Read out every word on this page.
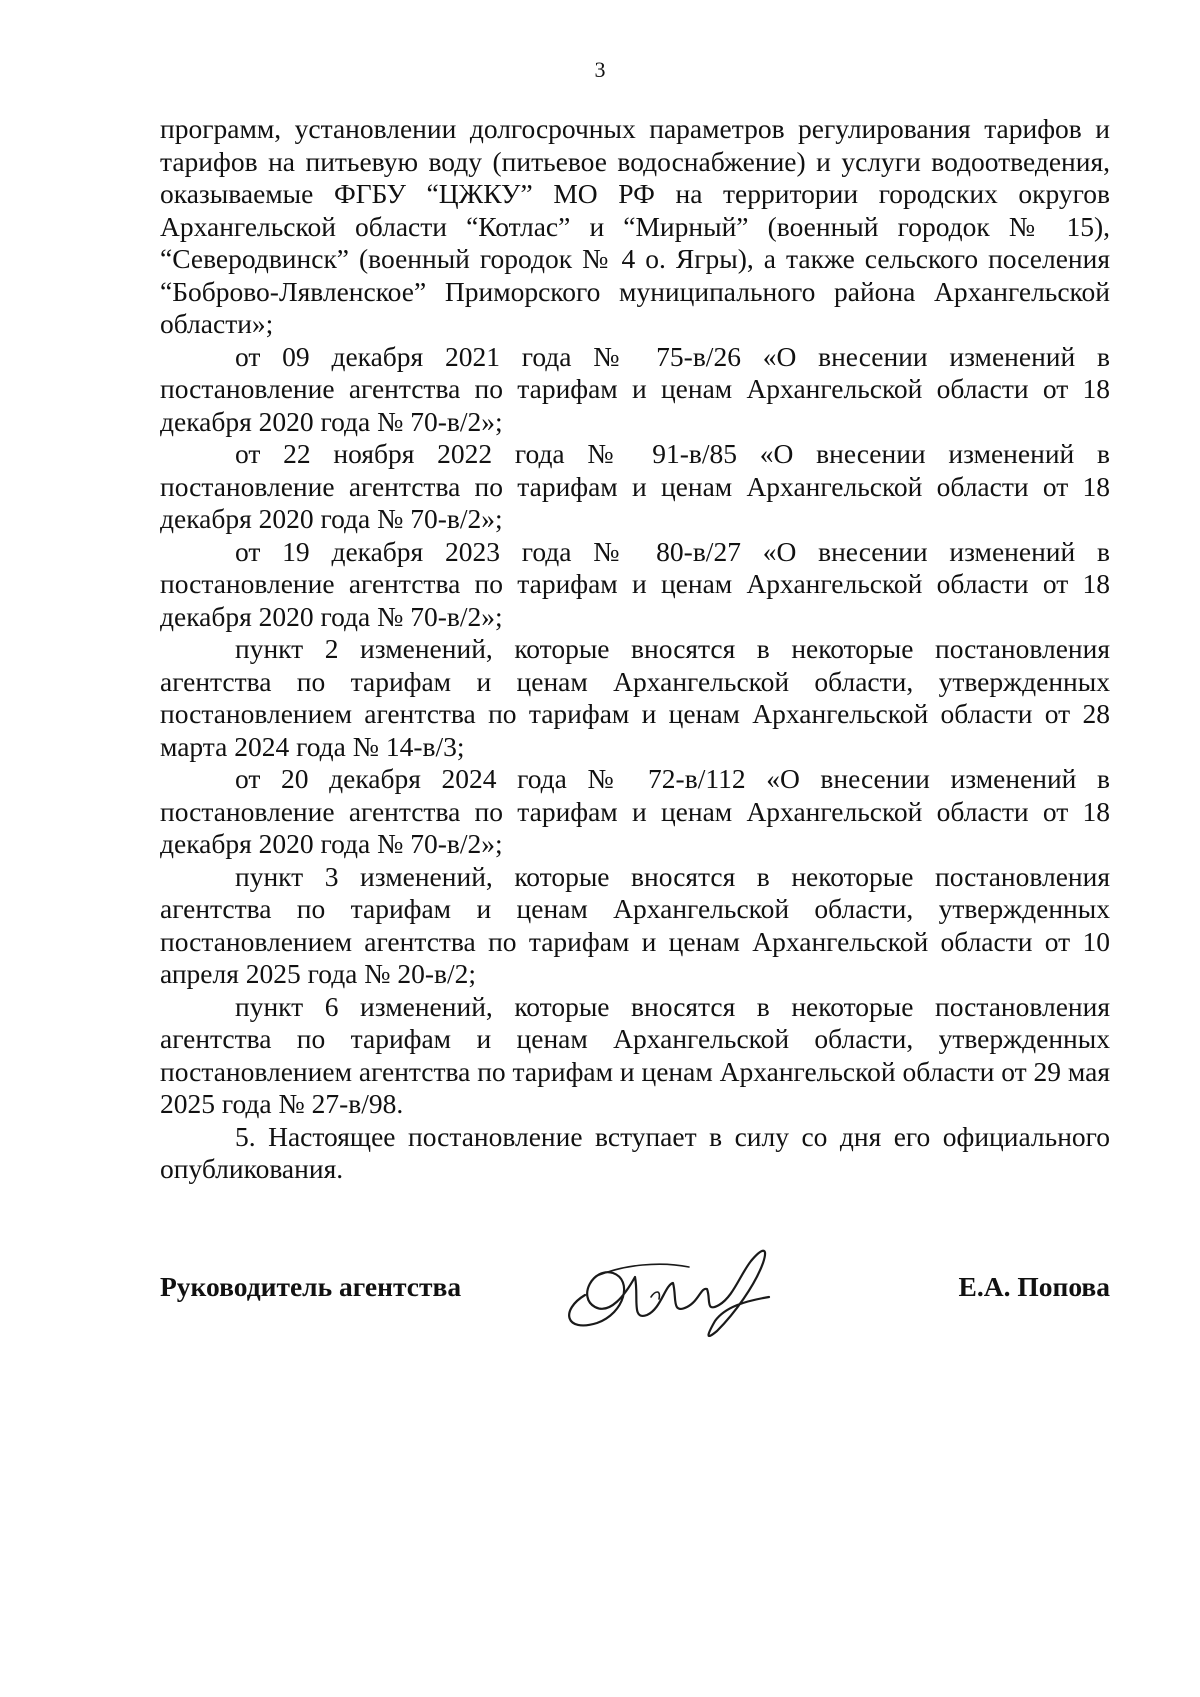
3

программ, установлении долгосрочных параметров регулирования тарифов и тарифов на питьевую воду (питьевое водоснабжение) и услуги водоотведения, оказываемые ФГБУ “ЦЖКУ” МО РФ на территории городских округов Архангельской области “Котлас” и “Мирный” (военный городок № 15), “Северодвинск” (военный городок № 4 о. Ягры), а также сельского поселения “Боброво-Лявленское” Приморского муниципального района Архангельской области»;

от 09 декабря 2021 года № 75-в/26 «О внесении изменений в постановление агентства по тарифам и ценам Архангельской области от 18 декабря 2020 года № 70-в/2»;

от 22 ноября 2022 года № 91-в/85 «О внесении изменений в постановление агентства по тарифам и ценам Архангельской области от 18 декабря 2020 года № 70-в/2»;

от 19 декабря 2023 года № 80-в/27 «О внесении изменений в постановление агентства по тарифам и ценам Архангельской области от 18 декабря 2020 года № 70-в/2»;

пункт 2 изменений, которые вносятся в некоторые постановления агентства по тарифам и ценам Архангельской области, утвержденных постановлением агентства по тарифам и ценам Архангельской области от 28 марта 2024 года № 14-в/3;

от 20 декабря 2024 года № 72-в/112 «О внесении изменений в постановление агентства по тарифам и ценам Архангельской области от 18 декабря 2020 года № 70-в/2»;

пункт 3 изменений, которые вносятся в некоторые постановления агентства по тарифам и ценам Архангельской области, утвержденных постановлением агентства по тарифам и ценам Архангельской области от 10 апреля 2025 года № 20-в/2;

пункт 6 изменений, которые вносятся в некоторые постановления агентства по тарифам и ценам Архангельской области, утвержденных постановлением агентства по тарифам и ценам Архангельской области от 29 мая 2025 года № 27-в/98.

5. Настоящее постановление вступает в силу со дня его официального опубликования.

Руководитель агентства	Е.А. Попова
